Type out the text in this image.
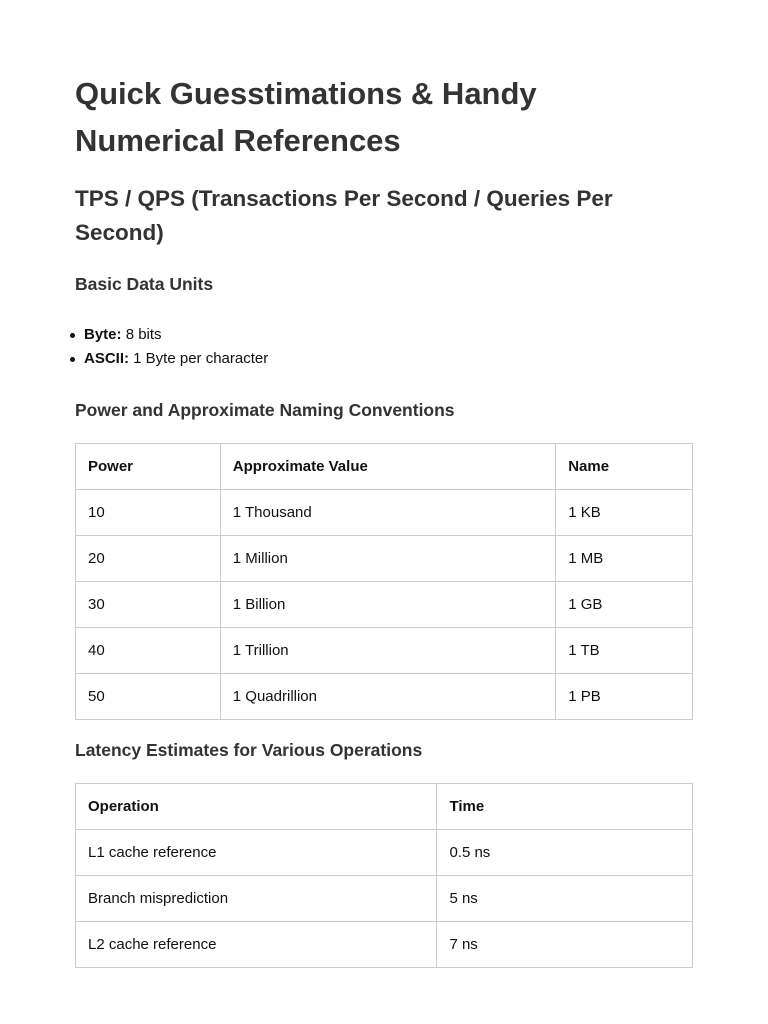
Quick Guesstimations & Handy Numerical References
TPS / QPS (Transactions Per Second / Queries Per Second)
Basic Data Units
Byte: 8 bits
ASCII: 1 Byte per character
Power and Approximate Naming Conventions
Power	Approximate Value	Name
10	1 Thousand	1 KB
20	1 Million	1 MB
30	1 Billion	1 GB
40	1 Trillion	1 TB
50	1 Quadrillion	1 PB
Latency Estimates for Various Operations
Operation	Time
L1 cache reference	0.5 ns
Branch misprediction	5 ns
L2 cache reference	7 ns
